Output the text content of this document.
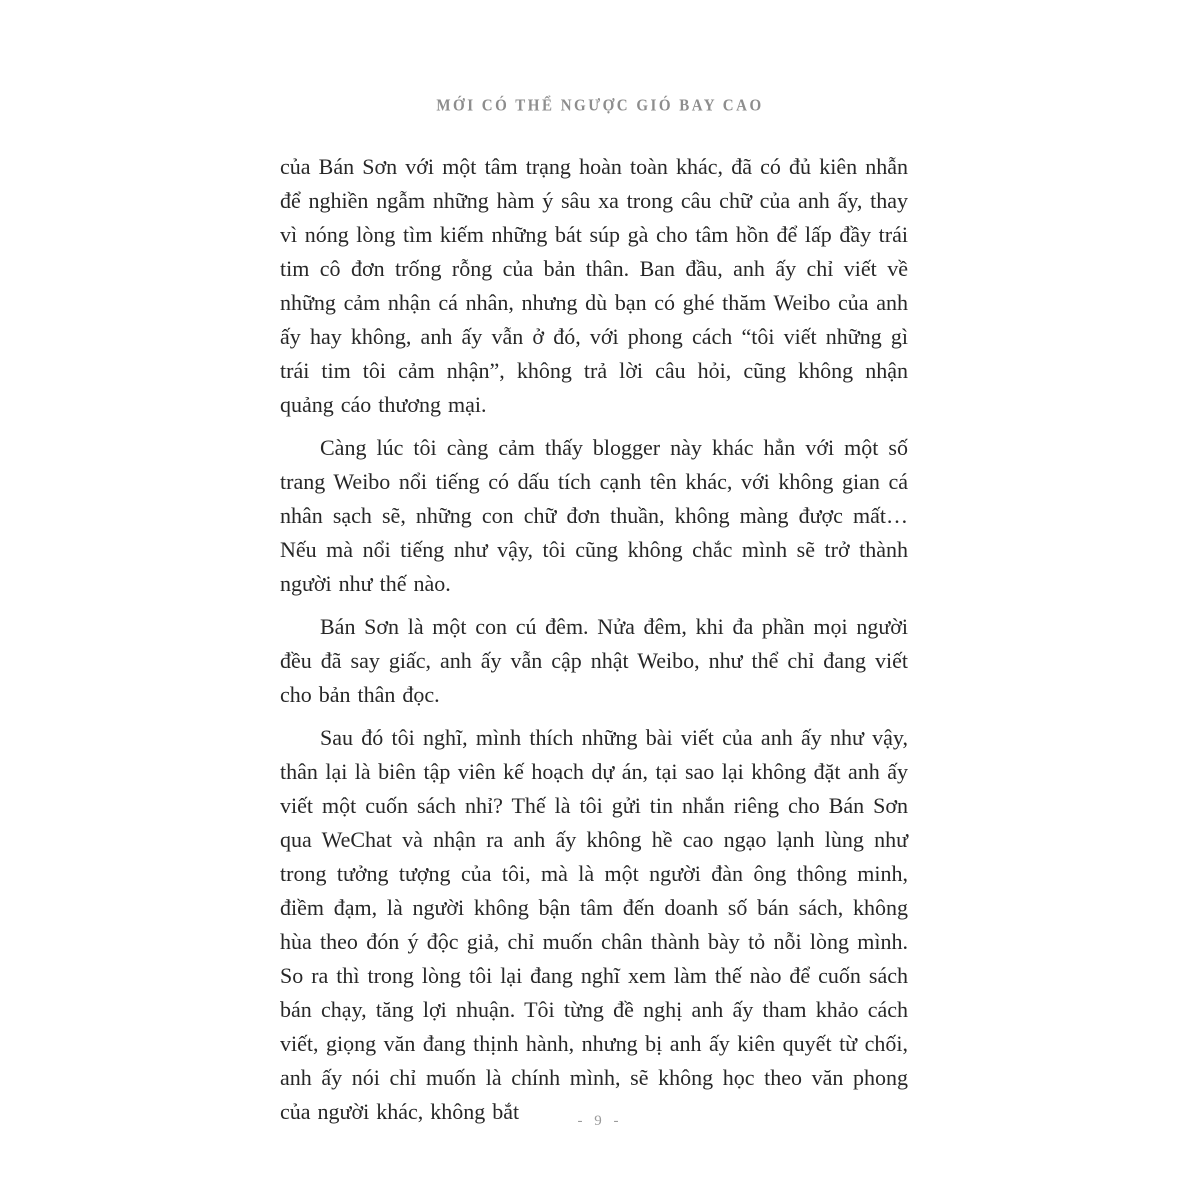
MỚI CÓ THỂ NGƯỢC GIÓ BAY CAO

của Bán Sơn với một tâm trạng hoàn toàn khác, đã có đủ kiên nhẫn để nghiền ngẫm những hàm ý sâu xa trong câu chữ của anh ấy, thay vì nóng lòng tìm kiếm những bát súp gà cho tâm hồn để lấp đầy trái tim cô đơn trống rỗng của bản thân. Ban đầu, anh ấy chỉ viết về những cảm nhận cá nhân, nhưng dù bạn có ghé thăm Weibo của anh ấy hay không, anh ấy vẫn ở đó, với phong cách “tôi viết những gì trái tim tôi cảm nhận”, không trả lời câu hỏi, cũng không nhận quảng cáo thương mại.

Càng lúc tôi càng cảm thấy blogger này khác hẳn với một số trang Weibo nổi tiếng có dấu tích cạnh tên khác, với không gian cá nhân sạch sẽ, những con chữ đơn thuần, không màng được mất… Nếu mà nổi tiếng như vậy, tôi cũng không chắc mình sẽ trở thành người như thế nào.

Bán Sơn là một con cú đêm. Nửa đêm, khi đa phần mọi người đều đã say giấc, anh ấy vẫn cập nhật Weibo, như thể chỉ đang viết cho bản thân đọc.

Sau đó tôi nghĩ, mình thích những bài viết của anh ấy như vậy, thân lại là biên tập viên kế hoạch dự án, tại sao lại không đặt anh ấy viết một cuốn sách nhỉ? Thế là tôi gửi tin nhắn riêng cho Bán Sơn qua WeChat và nhận ra anh ấy không hề cao ngạo lạnh lùng như trong tưởng tượng của tôi, mà là một người đàn ông thông minh, điềm đạm, là người không bận tâm đến doanh số bán sách, không hùa theo đón ý độc giả, chỉ muốn chân thành bày tỏ nỗi lòng mình. So ra thì trong lòng tôi lại đang nghĩ xem làm thế nào để cuốn sách bán chạy, tăng lợi nhuận. Tôi từng đề nghị anh ấy tham khảo cách viết, giọng văn đang thịnh hành, nhưng bị anh ấy kiên quyết từ chối, anh ấy nói chỉ muốn là chính mình, sẽ không học theo văn phong của người khác, không bắt	- 9 -
